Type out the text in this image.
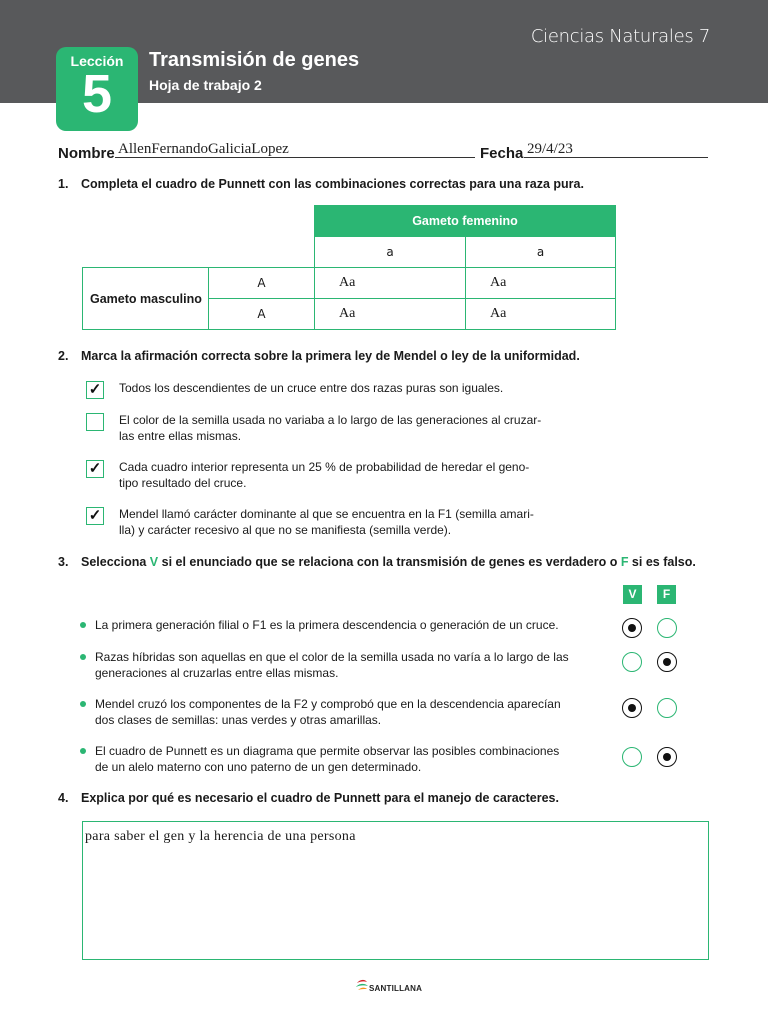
Ciencias Naturales 7
Lección
5
Transmisión de genes
Hoja de trabajo 2
Nombre AllenFernandoGaliciaLopez	Fecha 29/4/23
1. Completa el cuadro de Punnett con las combinaciones correctas para una raza pura.
		Gameto femenino	
		a	a
Gameto masculino	A	Aa	Aa
	A	Aa	Aa
2. Marca la afirmación correcta sobre la primera ley de Mendel o ley de la uniformidad.
✓ Todos los descendientes de un cruce entre dos razas puras son iguales.
El color de la semilla usada no variaba a lo largo de las generaciones al cruzar-
las entre ellas mismas.
✓ Cada cuadro interior representa un 25 % de probabilidad de heredar el geno-
tipo resultado del cruce.
✓ Mendel llamó carácter dominante al que se encuentra en la F1 (semilla amari-
lla) y carácter recesivo al que no se manifiesta (semilla verde).
3. Selecciona V si el enunciado que se relaciona con la transmisión de genes es verdadero o F si es falso.
V	F
La primera generación filial o F1 es la primera descendencia o generación de un cruce.
Razas híbridas son aquellas en que el color de la semilla usada no varía a lo largo de las
generaciones al cruzarlas entre ellas mismas.
Mendel cruzó los componentes de la F2 y comprobó que en la descendencia aparecían
dos clases de semillas: unas verdes y otras amarillas.
El cuadro de Punnett es un diagrama que permite observar las posibles combinaciones
de un alelo materno con uno paterno de un gen determinado.
4. Explica por qué es necesario el cuadro de Punnett para el manejo de caracteres.
para saber el gen y la herencia de una persona
SANTILLANA
